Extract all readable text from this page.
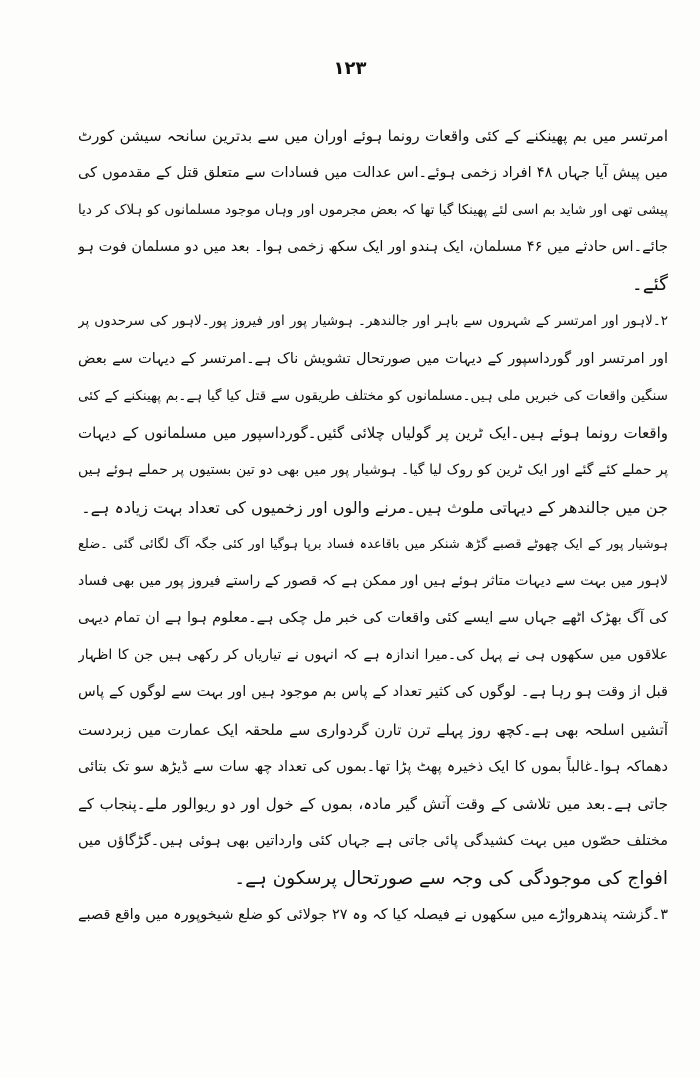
١٢٣
امرتسر میں بم پھینکنے کے کئی واقعات رونما ہوئے اوران میں سے بدترین سانحہ سیشن کورٹ
میں پیش آیا جہاں ۴۸ افراد زخمی ہوئے۔اس عدالت میں فسادات سے متعلق قتل کے مقدموں کی
پیشی تھی اور شاید بم اسی لئے پھینکا گیا تھا کہ بعض مجرموں اور وہاں موجود مسلمانوں کو ہلاک کر دیا
جائے۔اس حادثے میں ۴۶ مسلمان، ایک ہندو اور ایک سکھ زخمی ہوا۔ بعد میں دو مسلمان فوت ہو
گئے۔
۲۔لاہور اور امرتسر کے شہروں سے باہر اور جالندھر۔ ہوشیار پور اور فیروز پور۔لاہور کی سرحدوں پر
اور امرتسر اور گورداسپور کے دیہات میں صورتحال تشویش ناک ہے۔امرتسر کے دیہات سے بعض
سنگین واقعات کی خبریں ملی ہیں۔مسلمانوں کو مختلف طریقوں سے قتل کیا گیا ہے۔بم پھینکنے کے کئی
واقعات رونما ہوئے ہیں۔ایک ٹرین پر گولیاں چلائی گئیں۔گورداسپور میں مسلمانوں کے دیہات
پر حملے کئے گئے اور ایک ٹرین کو روک لیا گیا۔ ہوشیار پور میں بھی دو تین بستیوں پر حملے ہوئے ہیں
جن میں جالندھر کے دیہاتی ملوث ہیں۔مرنے والوں اور زخمیوں کی تعداد بہت زیادہ ہے۔
ہوشیار پور کے ایک چھوٹے قصبے گڑھ شنکر میں باقاعدہ فساد برپا ہوگیا اور کئی جگہ آگ لگائی گئی ۔ضلع
لاہور میں بہت سے دیہات متاثر ہوئے ہیں اور ممکن ہے کہ قصور کے راستے فیروز پور میں بھی فساد
کی آگ بھڑک اٹھے جہاں سے ایسے کئی واقعات کی خبر مل چکی ہے۔معلوم ہوا ہے ان تمام دیہی
علاقوں میں سکھوں ہی نے پہل کی۔میرا اندازہ ہے کہ انہوں نے تیاریاں کر رکھی ہیں جن کا اظہار
قبل از وقت ہو رہا ہے۔ لوگوں کی کثیر تعداد کے پاس بم موجود ہیں اور بہت سے لوگوں کے پاس
آتشیں اسلحہ بھی ہے۔کچھ روز پہلے ترن تارن گردواری سے ملحقہ ایک عمارت میں زبردست
دھماکہ ہوا۔غالباً بموں کا ایک ذخیرہ پھٹ پڑا تھا۔بموں کی تعداد چھ سات سے ڈیڑھ سو تک بتائی
جاتی ہے۔بعد میں تلاشی کے وقت آتش گیر مادہ، بموں کے خول اور دو ریوالور ملے۔پنجاب کے
مختلف حصّوں میں بہت کشیدگی پائی جاتی ہے جہاں کئی وارداتیں بھی ہوئی ہیں۔گڑگاؤں میں
افواج کی موجودگی کی وجہ سے صورتحال پرسکون ہے۔
۳۔گزشتہ پندھرواڑے میں سکھوں نے فیصلہ کیا کہ وہ ۲۷ جولائی کو ضلع شیخوپورہ میں واقع قصبے
